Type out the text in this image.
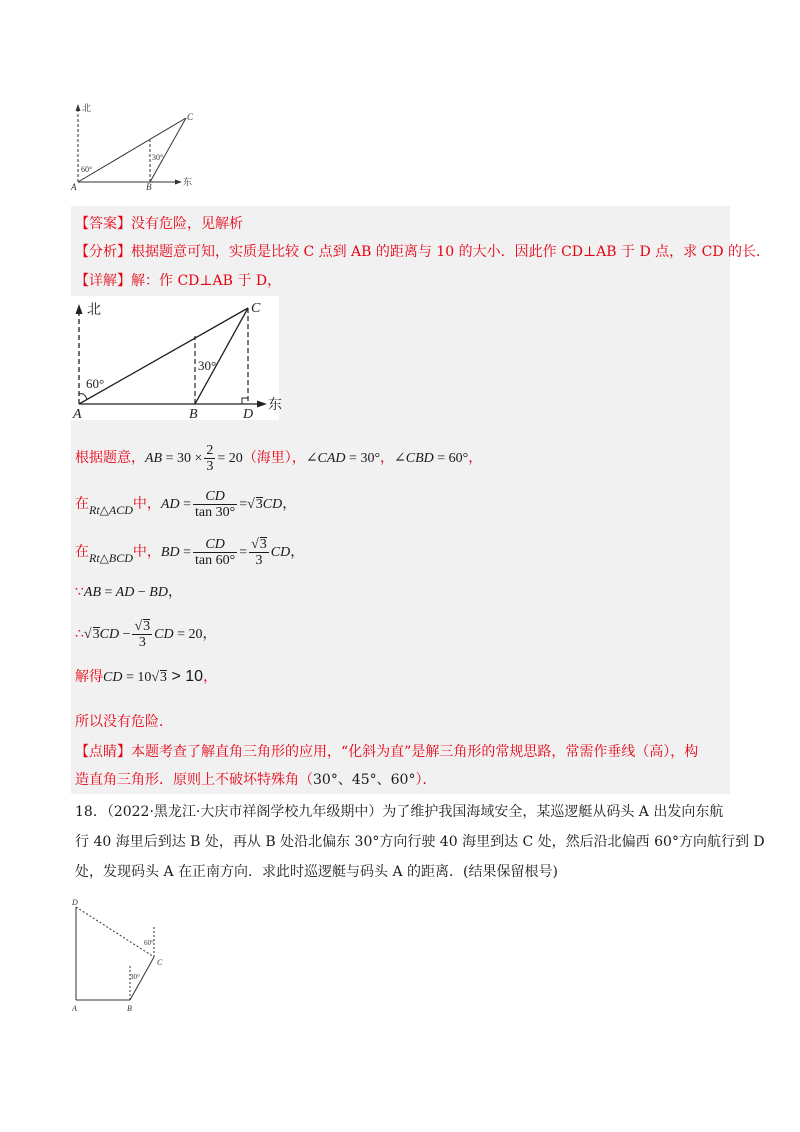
北
东
60°
30°
A	B
C
【答案】没有危险，见解析
【分析】根据题意可知，实质是比较 C 点到 AB 的距离与 10 的大小．因此作 CD⊥AB 于 D 点，求 CD 的长．
【详解】解：作 CD⊥AB 于 D，
北
东
60°
30°
A	B
C
D
根据题意，AB = $30 \times \frac{2}{3} = 20$（海里），∠CAD = 30°，∠CBD = 60°，
在Rt△ACD中，AD = $\frac{CD}{\tan 30^\circ} =√3CD$，
在Rt△BCD中，BD = $\frac{CD}{\tan 60^\circ} = \frac{√3}{3}$ CD，
∵AB = AD − BD，
∴√3CD − $\frac{√3}{3}$ CD = 20，
解得CD = 10√3 > 10，
所以没有危险．
【点睛】本题考查了解直角三角形的应用，“化斜为直”是解三角形的常规思路，常需作垂线（高），构
造直角三角形．原则上不破坏特殊角（30°、45°、60°）．
18．（2022·黑龙江·大庆市祥阁学校九年级期中）为了维护我国海域安全，某巡逻艇从码头 A 出发向东航
行 40 海里后到达 B 处，再从 B 处沿北偏东 30°方向行驶 40 海里到达 C 处，然后沿北偏西 60°方向航行到 D
处，发现码头 A 在正南方向．求此时巡逻艇与码头 A 的距离．(结果保留根号)
60°
30°
D
C
A	B
